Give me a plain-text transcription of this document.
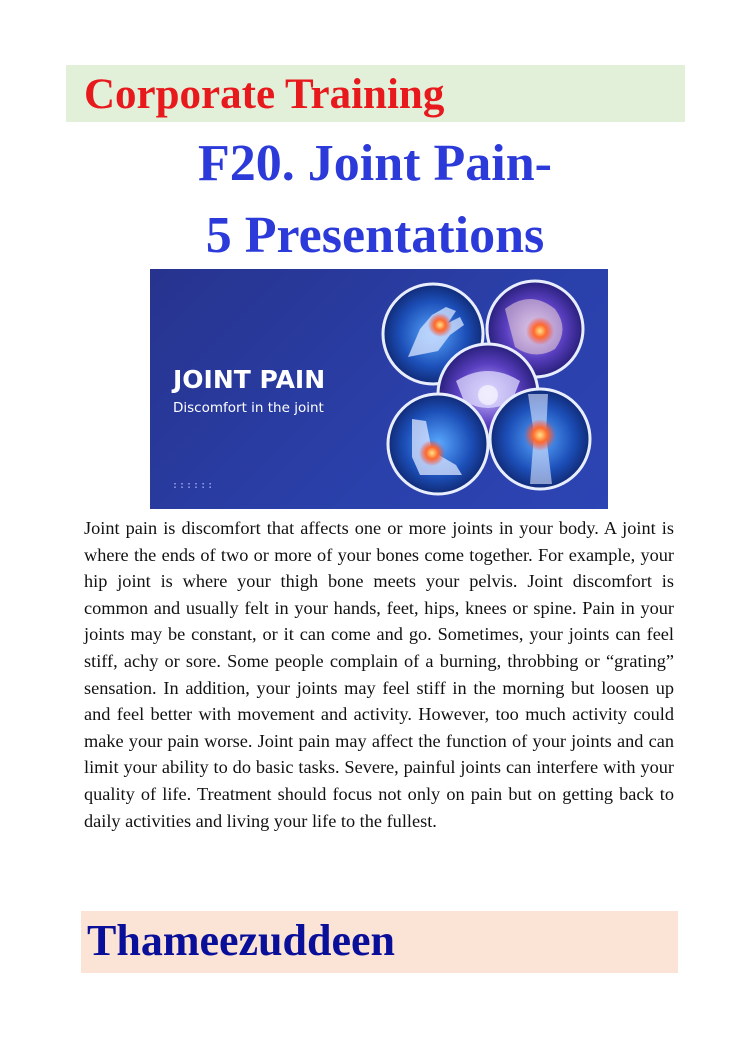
Corporate Training
F20. Joint Pain-
5 Presentations
JOINT PAIN
Discomfort in the joint
::::::

Joint pain is discomfort that affects one or more joints in your body. A joint is where the ends of two or more of your bones come together. For example, your hip joint is where your thigh bone meets your pelvis. Joint discomfort is common and usually felt in your hands, feet, hips, knees or spine. Pain in your joints may be constant, or it can come and go. Sometimes, your joints can feel stiff, achy or sore. Some people complain of a burning, throbbing or “grating” sensation. In addition, your joints may feel stiff in the morning but loosen up and feel better with movement and activity. However, too much activity could make your pain worse. Joint pain may affect the function of your joints and can limit your ability to do basic tasks. Severe, painful joints can interfere with your quality of life. Treatment should focus not only on pain but on getting back to daily activities and living your life to the fullest.

Thameezuddeen
